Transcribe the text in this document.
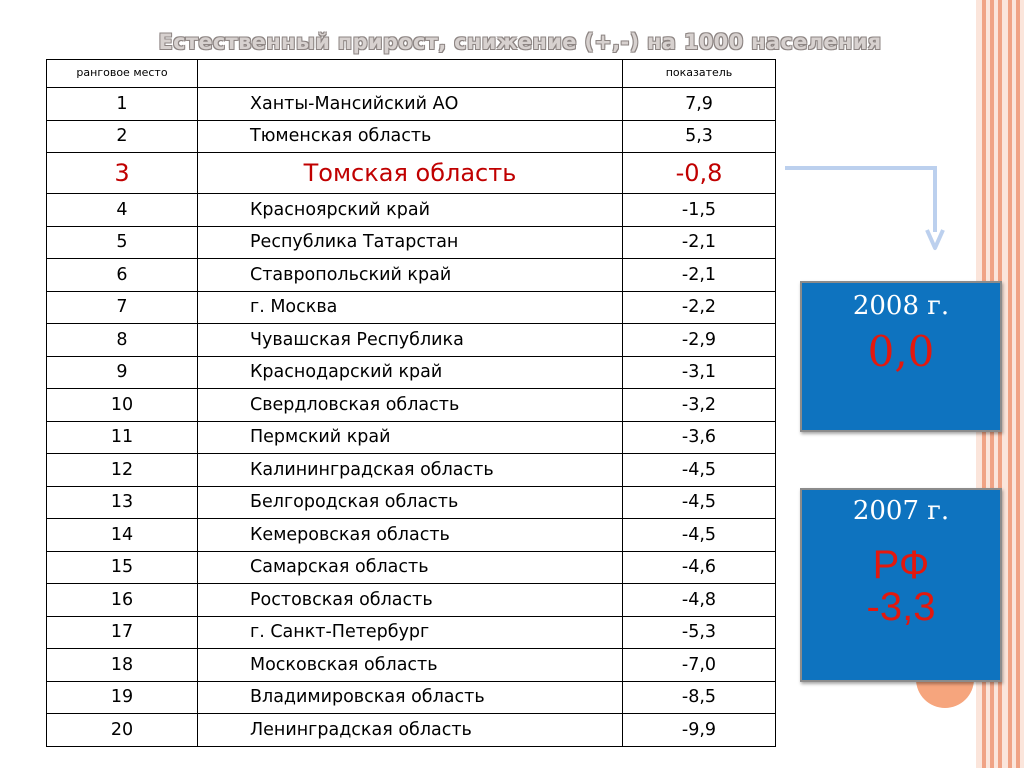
Естественный прирост, снижение (+,-) на 1000 населения
ранговое место		показатель
1	Ханты-Мансийский АО	7,9
2	Тюменская область	5,3
3	Томская область	-0,8
4	Красноярский край	-1,5
5	Республика Татарстан	-2,1
6	Ставропольский край	-2,1
7	г. Москва	-2,2
8	Чувашская Республика	-2,9
9	Краснодарский край	-3,1
10	Свердловская область	-3,2
11	Пермский край	-3,6
12	Калининградская область	-4,5
13	Белгородская область	-4,5
14	Кемеровская область	-4,5
15	Самарская область	-4,6
16	Ростовская область	-4,8
17	г. Санкт-Петербург	-5,3
18	Московская область	-7,0
19	Владимировская область	-8,5
20	Ленинградская область	-9,9
2008 г.
0,0
2007 г.
РФ
-3,3
